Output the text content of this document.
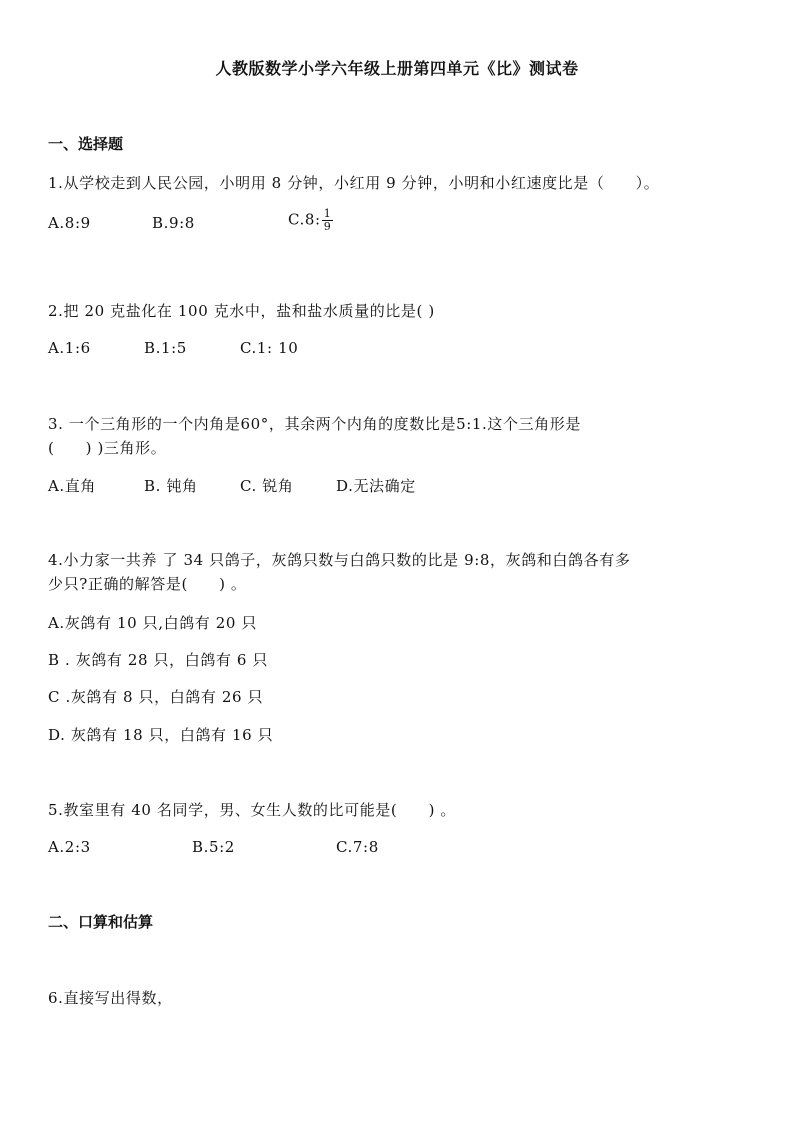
人教版数学小学六年级上册第四单元《比》测试卷
一、选择题
1.从学校走到人民公园，小明用 8 分钟，小红用 9 分钟，小明和小红速度比是（　　）。
A.8:9	B.9:8	C.8: $\frac{1}{9}$
2.把 20 克盐化在 100 克水中，盐和盐水质量的比是( )
A.1:6	B.1:5	C.1: 10
3. 一个三角形的一个内角是60°，其余两个内角的度数比是5:1.这个三角形是
(　　) )三角形。
A.直角	B. 钝角	C. 锐角	D.无法确定
4.小力家一共养 了 34 只鸽子，灰鸽只数与白鸽只数的比是 9:8，灰鸽和白鸽各有多
少只?正确的解答是(　　) 。
A.灰鸽有 10 只,白鸽有 20 只
B . 灰鸽有 28 只，白鸽有 6 只
C .灰鸽有 8 只，白鸽有 26 只
D. 灰鸽有 18 只，白鸽有 16 只
5.教室里有 40 名同学，男、女生人数的比可能是(　　) 。
A.2:3	B.5:2	C.7:8
二、口算和估算
6.直接写出得数，
